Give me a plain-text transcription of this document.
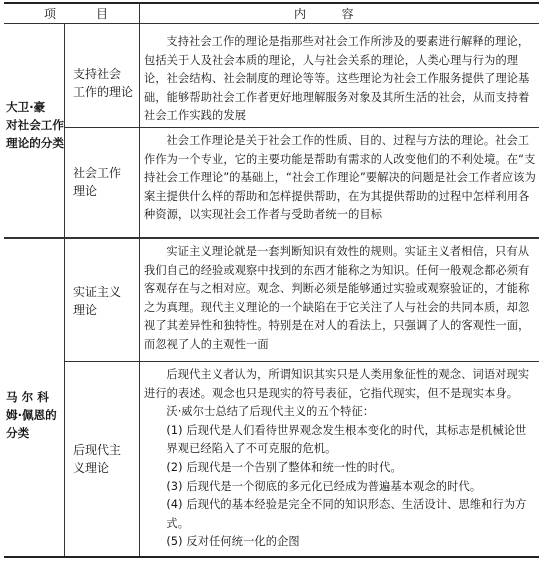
项	目	内   容
大卫·豪
对社会工作
理论的分类
支持社会
工作的理论

支持社会工作的理论是指那些对社会工作所涉及的要素进行解释的理论，包括关于人及社会本质的理论，人与社会关系的理论，人类心理与行为的理论，社会结构、社会制度的理论等等。这些理论为社会工作服务提供了理论基础，能够帮助社会工作者更好地理解服务对象及其所生活的社会，从而支持着社会工作实践的发展

社会工作
理论

社会工作理论是关于社会工作的性质、目的、过程与方法的理论。社会工作作为一个专业，它的主要功能是帮助有需求的人改变他们的不利处境。在“支持社会工作理论”的基础上，“社会工作理论”要解决的问题是社会工作者应该为案主提供什么样的帮助和怎样提供帮助，在为其提供帮助的过程中怎样利用各种资源，以实现社会工作者与受助者统一的目标

马 尔 科
姆·佩恩的
分类
实证主义
理论

实证主义理论就是一套判断知识有效性的规则。实证主义者相信，只有从我们自己的经验或观察中找到的东西才能称之为知识。任何一般观念都必须有客观存在与之相对应。观念、判断必须是能够通过实验或观察验证的，才能称之为真理。现代主义理论的一个缺陷在于它关注了人与社会的共同本质，却忽视了其差异性和独特性。特别是在对人的看法上，只强调了人的客观性一面，而忽视了人的主观性一面

后现代主
义理论

后现代主义者认为，所谓知识其实只是人类用象征性的观念、词语对现实进行的表述。观念也只是现实的符号表征，它指代现实，但不是现实本身。

沃·威尔士总结了后现代主义的五个特征：

(1) 后现代是人们看待世界观念发生根本变化的时代，其标志是机械论世界观已经陷入了不可克服的危机。

(2) 后现代是一个告别了整体和统一性的时代。

(3) 后现代是一个彻底的多元化已经成为普遍基本观念的时代。

(4) 后现代的基本经验是完全不同的知识形态、生活设计、思维和行为方式。

(5) 反对任何统一化的企图
